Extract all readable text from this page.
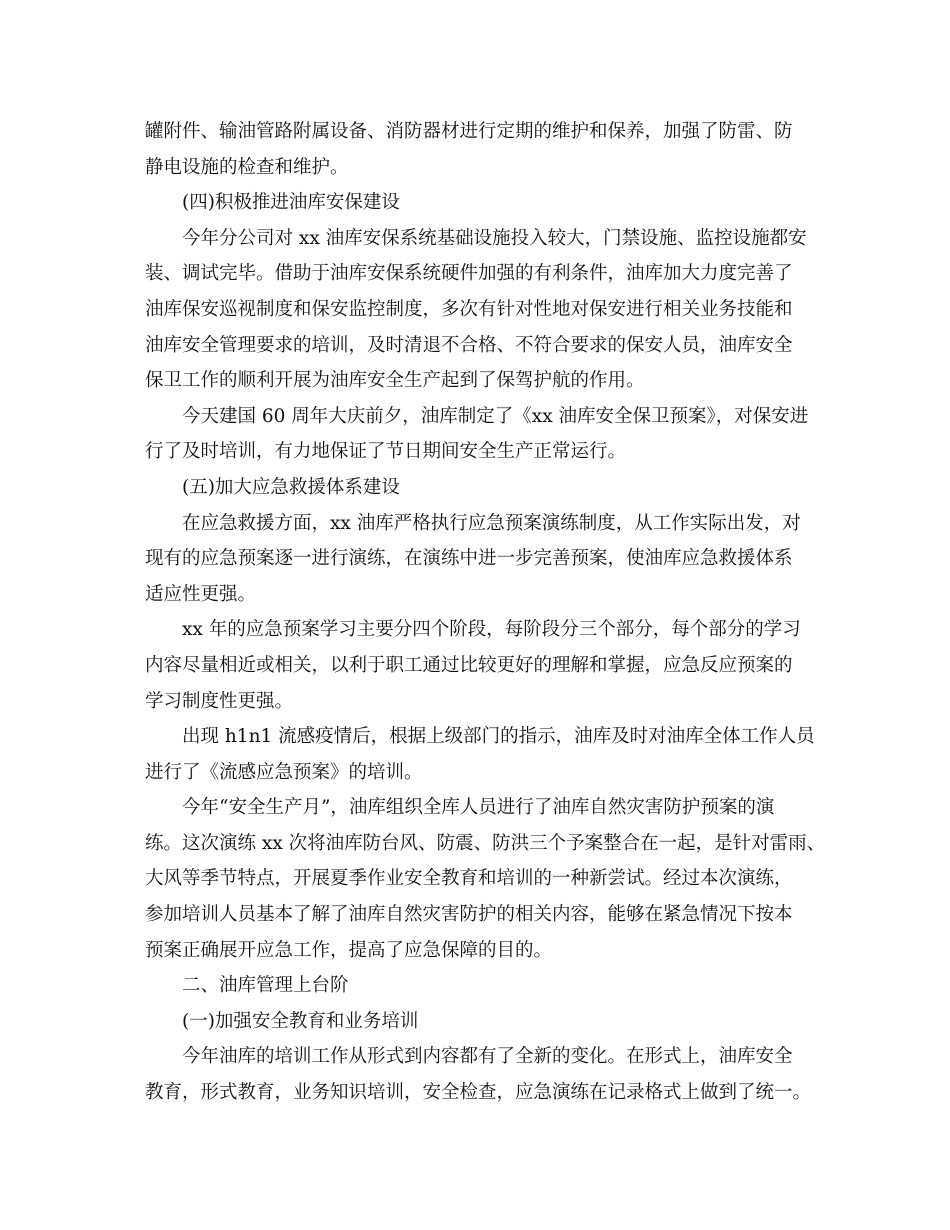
罐附件、输油管路附属设备、消防器材进行定期的维护和保养，加强了防雷、防
静电设施的检查和维护。
(四)积极推进油库安保建设
今年分公司对 xx 油库安保系统基础设施投入较大，门禁设施、监控设施都安
装、调试完毕。借助于油库安保系统硬件加强的有利条件，油库加大力度完善了
油库保安巡视制度和保安监控制度，多次有针对性地对保安进行相关业务技能和
油库安全管理要求的培训，及时清退不合格、不符合要求的保安人员，油库安全
保卫工作的顺利开展为油库安全生产起到了保驾护航的作用。
今天建国 60 周年大庆前夕，油库制定了《xx 油库安全保卫预案》，对保安进
行了及时培训，有力地保证了节日期间安全生产正常运行。
(五)加大应急救援体系建设
在应急救援方面，xx 油库严格执行应急预案演练制度，从工作实际出发，对
现有的应急预案逐一进行演练，在演练中进一步完善预案，使油库应急救援体系
适应性更强。
xx 年的应急预案学习主要分四个阶段，每阶段分三个部分，每个部分的学习
内容尽量相近或相关，以利于职工通过比较更好的理解和掌握，应急反应预案的
学习制度性更强。
出现 h1n1 流感疫情后，根据上级部门的指示，油库及时对油库全体工作人员
进行了《流感应急预案》的培训。
今年“安全生产月”，油库组织全库人员进行了油库自然灾害防护预案的演
练。这次演练 xx 次将油库防台风、防震、防洪三个予案整合在一起，是针对雷雨、
大风等季节特点，开展夏季作业安全教育和培训的一种新尝试。经过本次演练，
参加培训人员基本了解了油库自然灾害防护的相关内容，能够在紧急情况下按本
预案正确展开应急工作，提高了应急保障的目的。
二、油库管理上台阶
(一)加强安全教育和业务培训
今年油库的培训工作从形式到内容都有了全新的变化。在形式上，油库安全
教育，形式教育，业务知识培训，安全检查，应急演练在记录格式上做到了统一。
